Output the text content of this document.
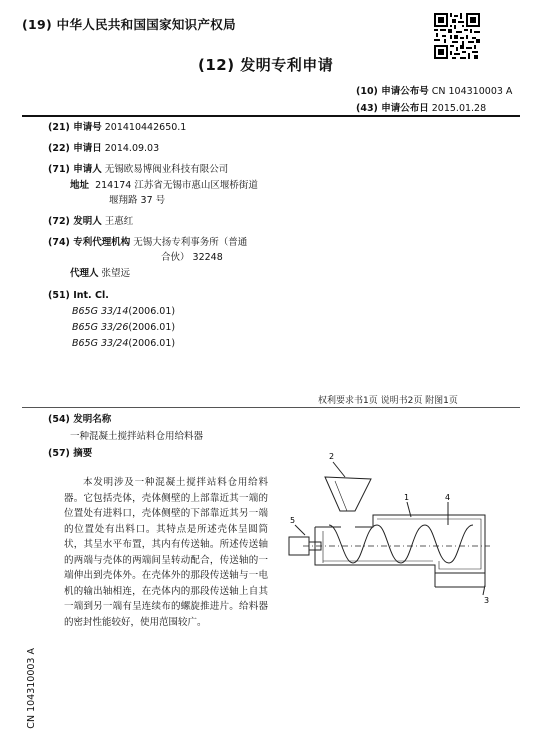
(19) 中华人民共和国国家知识产权局
(12) 发明专利申请
(10) 申请公布号 CN 104310003 A
(43) 申请公布日 2015.01.28
(21) 申请号 201410442650.1
(22) 申请日 2014.09.03
(71) 申请人 无锡欧易博阀业科技有限公司
地址 214174 江苏省无锡市惠山区堰桥街道
堰翔路 37 号
(72) 发明人 王惠红
(74) 专利代理机构 无锡大扬专利事务所（普通
合伙） 32248
代理人 张望远
(51) Int. Cl.
B65G 33/14(2006.01)
B65G 33/26(2006.01)
B65G 33/24(2006.01)
权利要求书1页 说明书2页 附图1页
(54) 发明名称
一种混凝土搅拌站料仓用给料器
(57) 摘要
本发明涉及一种混凝土搅拌站料仓用给料器。它包括壳体，壳体侧壁的上部靠近其一端的位置处有进料口，壳体侧壁的下部靠近其另一端的位置处有出料口。其特点是所述壳体呈圆筒状，其呈水平布置，其内有传送轴。所述传送轴的两端与壳体的两端间呈转动配合，传送轴的一端伸出到壳体外。在壳体外的那段传送轴与一电机的输出轴相连，在壳体内的那段传送轴上自其一端到另一端有呈连续布的螺旋推进片。给料器的密封性能较好，使用范围较广。
2
1	4
5
3
CN 104310003 A
